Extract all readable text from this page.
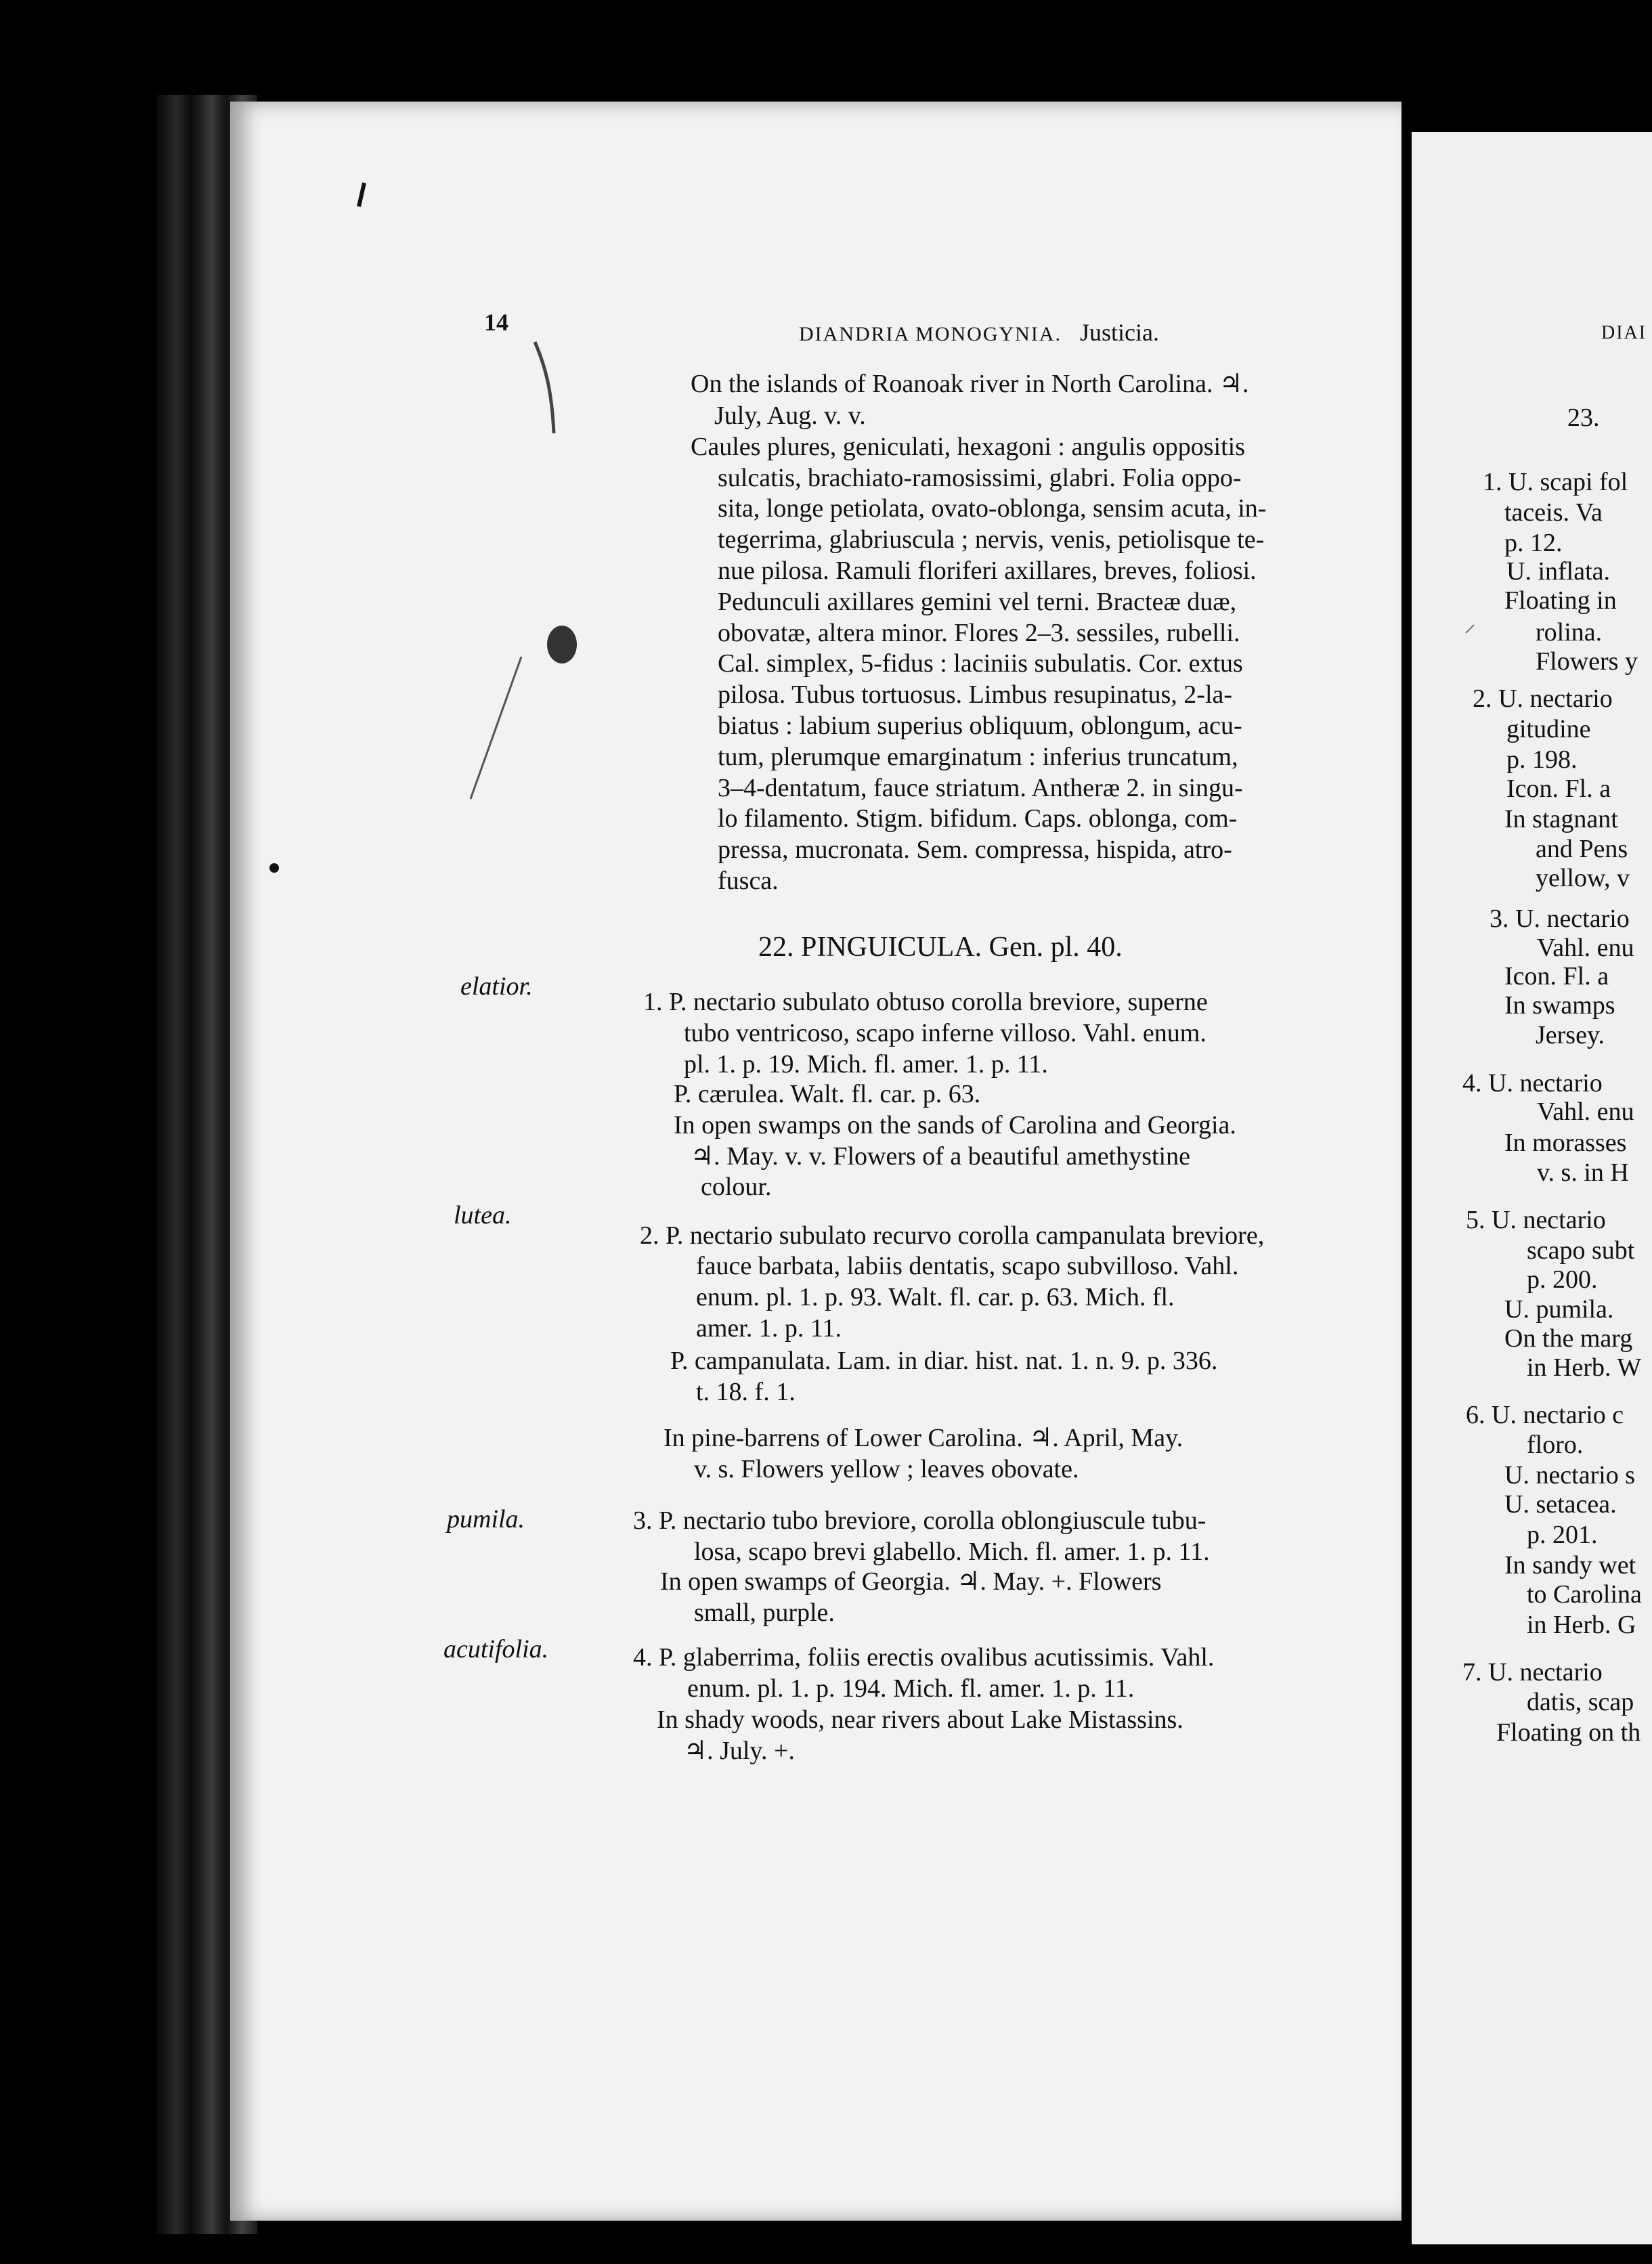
DIAI
23.
1. U. scapi fol
taceis. Va
p. 12.
U. inflata.
Floating in
rolina.
Flowers y
2. U. nectario
gitudine
p. 198.
Icon. Fl. a
In stagnant
and Pens
yellow, v
3. U. nectario
Vahl. enu
Icon. Fl. a
In swamps
Jersey.
4. U. nectario
Vahl. enu
In morasses
v. s. in H
5. U. nectario
scapo subt
p. 200.
U. pumila.
On the marg
in Herb. W
6. U. nectario c
floro.
U. nectario s
U. setacea.
p. 201.
In sandy wet
to Carolina
in Herb. G
7. U. nectario
datis, scap
Floating on th
14	DIANDRIA MONOGYNIA. Justicia.
On the islands of Roanoak river in North Carolina. ♃.
July, Aug. v. v.
Caules plures, geniculati, hexagoni : angulis oppositis
sulcatis, brachiato-ramosissimi, glabri. Folia oppo-
sita, longe petiolata, ovato-oblonga, sensim acuta, in-
tegerrima, glabriuscula ; nervis, venis, petiolisque te-
nue pilosa. Ramuli floriferi axillares, breves, foliosi.
Pedunculi axillares gemini vel terni. Bracteæ duæ,
obovatæ, altera minor. Flores 2–3. sessiles, rubelli.
Cal. simplex, 5-fidus : laciniis subulatis. Cor. extus
pilosa. Tubus tortuosus. Limbus resupinatus, 2-la-
biatus : labium superius obliquum, oblongum, acu-
tum, plerumque emarginatum : inferius truncatum,
3–4-dentatum, fauce striatum. Antheræ 2. in singu-
lo filamento. Stigm. bifidum. Caps. oblonga, com-
pressa, mucronata. Sem. compressa, hispida, atro-
fusca.
22. PINGUICULA. Gen. pl. 40.
elatior.
lutea.
pumila.
acutifolia.
1. P. nectario subulato obtuso corolla breviore, superne
tubo ventricoso, scapo inferne villoso. Vahl. enum.
pl. 1. p. 19. Mich. fl. amer. 1. p. 11.
P. cærulea. Walt. fl. car. p. 63.
In open swamps on the sands of Carolina and Georgia.
♃. May. v. v. Flowers of a beautiful amethystine
colour.
2. P. nectario subulato recurvo corolla campanulata breviore,
fauce barbata, labiis dentatis, scapo subvilloso. Vahl.
enum. pl. 1. p. 93. Walt. fl. car. p. 63. Mich. fl.
amer. 1. p. 11.
P. campanulata. Lam. in diar. hist. nat. 1. n. 9. p. 336.
t. 18. f. 1.
In pine-barrens of Lower Carolina. ♃. April, May.
v. s. Flowers yellow ; leaves obovate.
3. P. nectario tubo breviore, corolla oblongiuscule tubu-
losa, scapo brevi glabello. Mich. fl. amer. 1. p. 11.
In open swamps of Georgia. ♃. May. +. Flowers
small, purple.
4. P. glaberrima, foliis erectis ovalibus acutissimis. Vahl.
enum. pl. 1. p. 194. Mich. fl. amer. 1. p. 11.
In shady woods, near rivers about Lake Mistassins.
♃. July. +.
